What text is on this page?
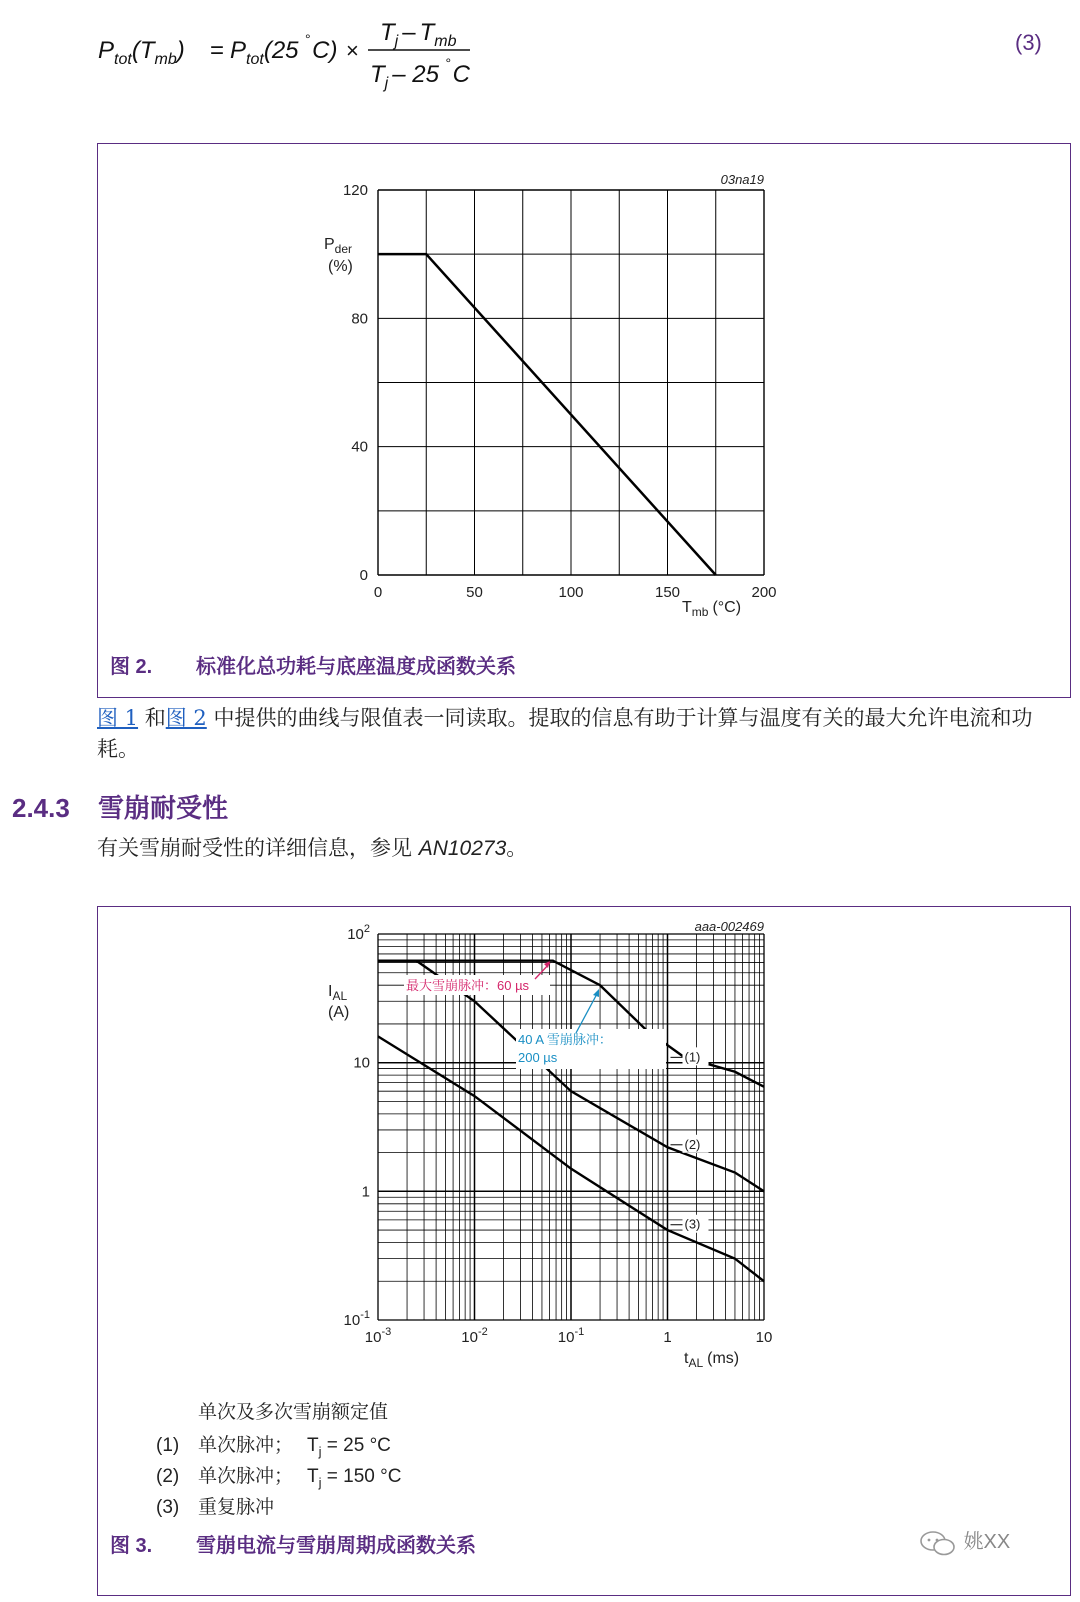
$P_{tot}(T_{mb}) = P_{tot}(25$ °C) ×
$T_j - T_{mb}$
$T_j - 25$ °C
(3)
03na19
0	50	100	150	200
0
40
80
120
$P_{der}$
(%)
$T_{mb}$ (°C)
图 2. 标准化总功耗与底座温度成函数关系
图 1 和图 2 中提供的曲线与限值表一同读取。提取的信息有助于计算与温度有关的最大允许电流和功耗。
2.4.3 雪崩耐受性
有关雪崩耐受性的详细信息，参见 AN10273。
aaa-002469
(1)
(2)
(3)
$10^{-3}$	$10^{-2}$	$10^{-1}$	1	10
$10^{-1}$
1
10
$10^2$
最大雪崩脉冲：60 µs
40 A 雪崩脉冲：
200 µs
$I_{AL}$
(A)
$t_{AL}$ (ms)
单次及多次雪崩额定值
(1) 单次脉冲； $T_j = 25$ °C
(2) 单次脉冲； $T_j = 150$ °C
(3) 重复脉冲
图 3. 雪崩电流与雪崩周期成函数关系	姚XX
